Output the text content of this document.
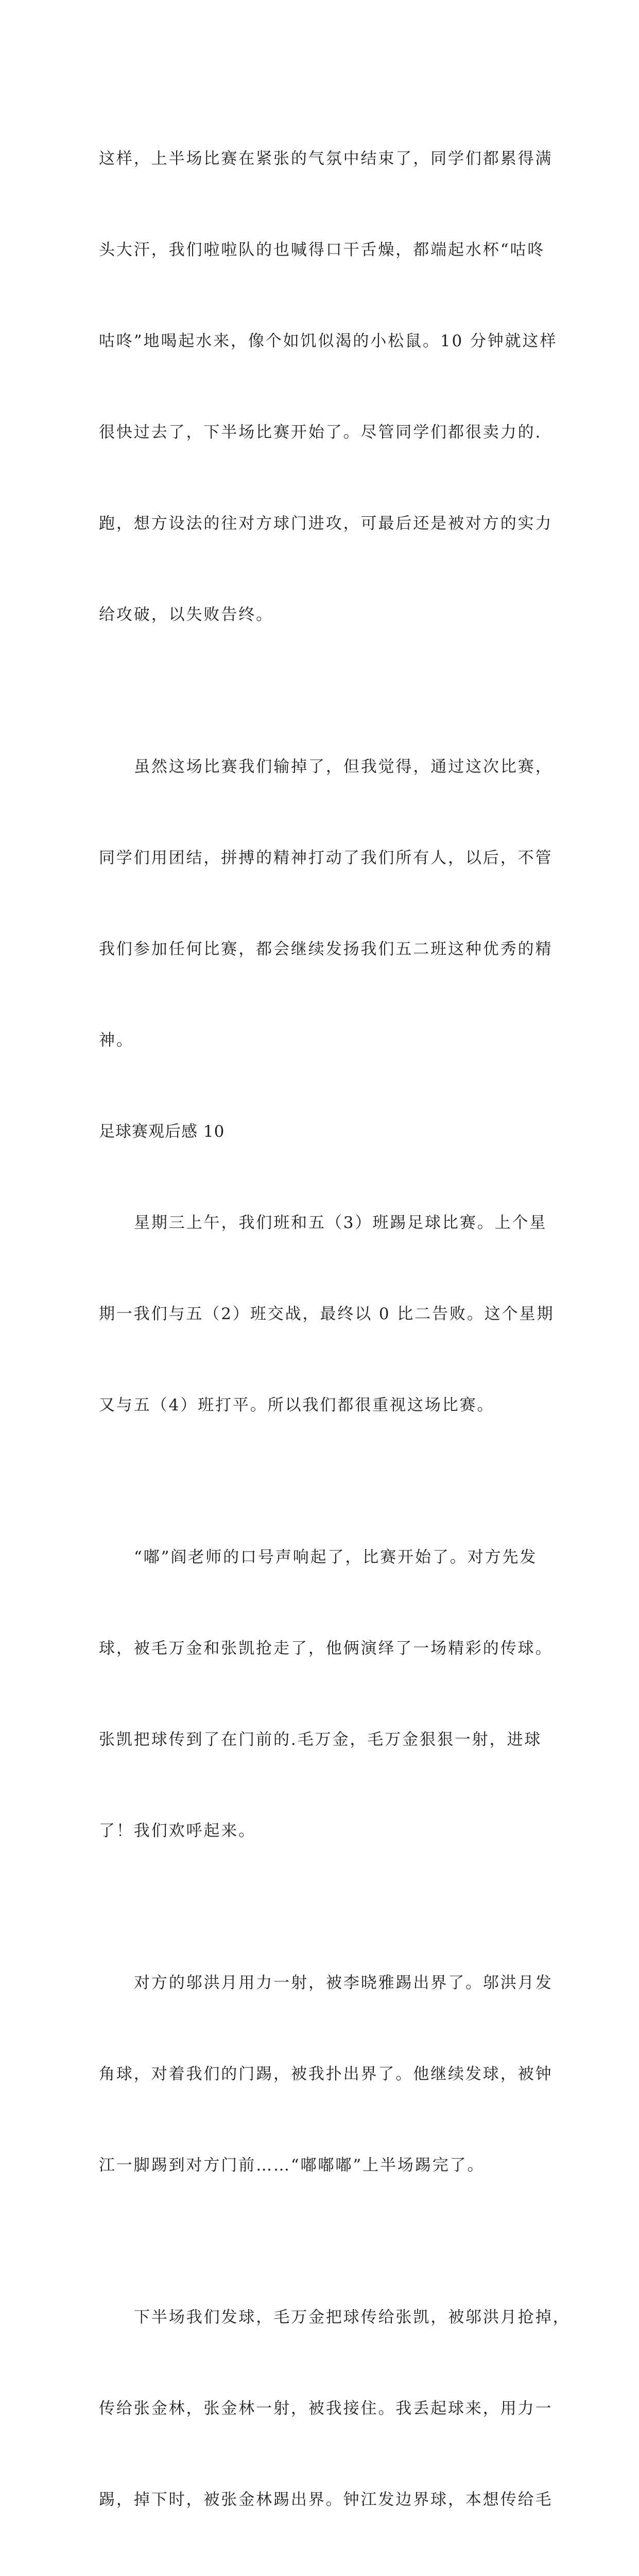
这样，上半场比赛在紧张的气氛中结束了，同学们都累得满

头大汗，我们啦啦队的也喊得口干舌燥，都端起水杯“咕咚

咕咚”地喝起水来，像个如饥似渴的小松鼠。10 分钟就这样

很快过去了，下半场比赛开始了。尽管同学们都很卖力的.

跑，想方设法的往对方球门进攻，可最后还是被对方的实力

给攻破，以失败告终。

虽然这场比赛我们输掉了，但我觉得，通过这次比赛，

同学们用团结，拼搏的精神打动了我们所有人，以后，不管

我们参加任何比赛，都会继续发扬我们五二班这种优秀的精

神。

足球赛观后感 10

星期三上午，我们班和五（3）班踢足球比赛。上个星

期一我们与五（2）班交战，最终以 0 比二告败。这个星期

又与五（4）班打平。所以我们都很重视这场比赛。

“嘟”阎老师的口号声响起了，比赛开始了。对方先发

球，被毛万金和张凯抢走了，他俩演绎了一场精彩的传球。

张凯把球传到了在门前的.毛万金，毛万金狠狠一射，进球

了！我们欢呼起来。

对方的邬洪月用力一射，被李晓雅踢出界了。邬洪月发

角球，对着我们的门踢，被我扑出界了。他继续发球，被钟

江一脚踢到对方门前……“嘟嘟嘟”上半场踢完了。

下半场我们发球，毛万金把球传给张凯，被邬洪月抢掉，

传给张金林，张金林一射，被我接住。我丢起球来，用力一

踢，掉下时，被张金林踢出界。钟江发边界球，本想传给毛
